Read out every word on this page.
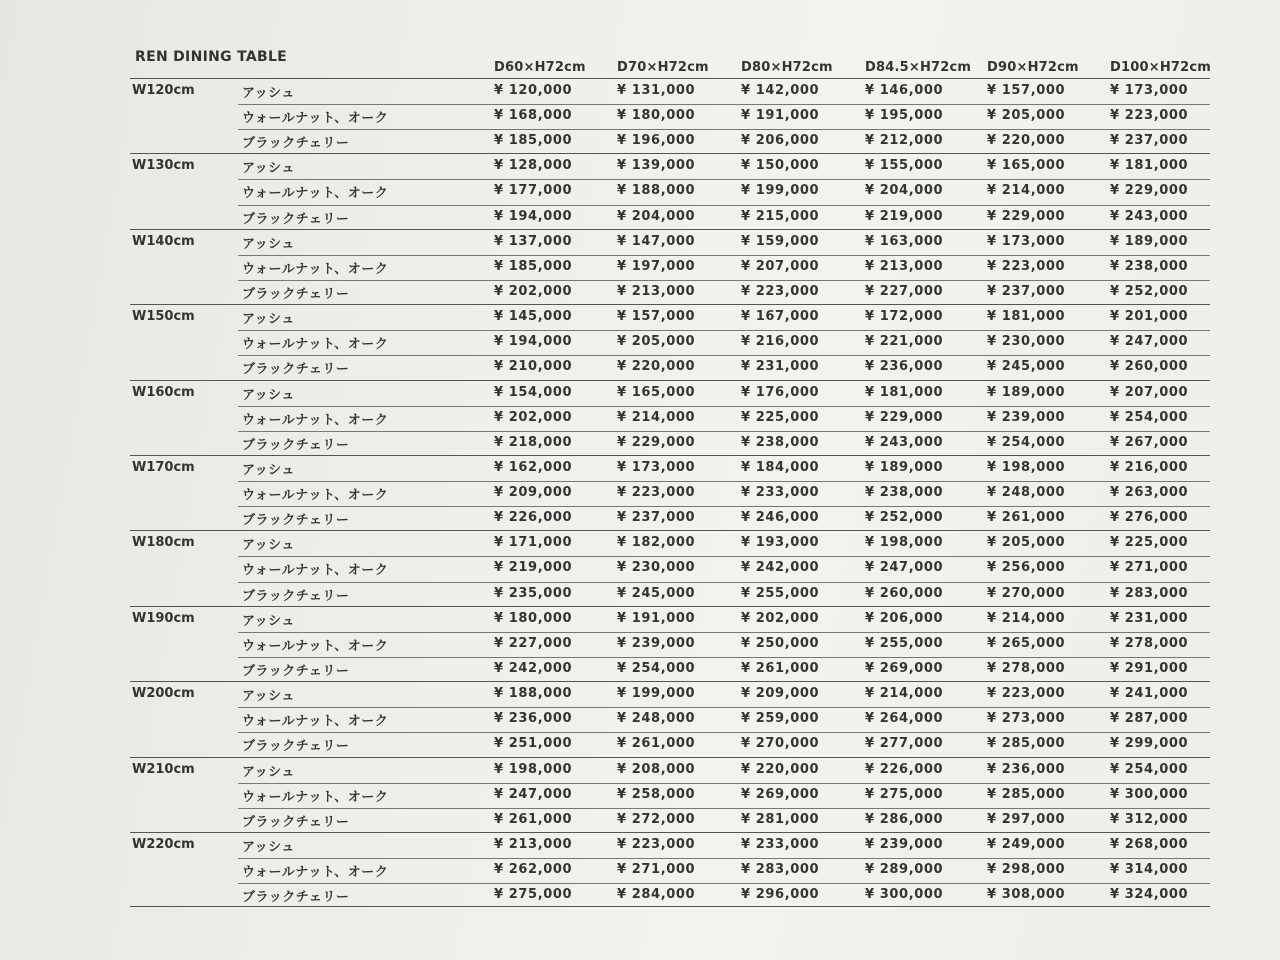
REN DINING TABLE
D60×H72cm D70×H72cm D80×H72cm D84.5×H72cm D90×H72cm D100×H72cm
W120cm	アッシュ	¥ 120,000	¥ 131,000	¥ 142,000	¥ 146,000	¥ 157,000	¥ 173,000
ウォールナット、オーク	¥ 168,000	¥ 180,000	¥ 191,000	¥ 195,000	¥ 205,000	¥ 223,000
ブラックチェリー	¥ 185,000	¥ 196,000	¥ 206,000	¥ 212,000	¥ 220,000	¥ 237,000
W130cm	アッシュ	¥ 128,000	¥ 139,000	¥ 150,000	¥ 155,000	¥ 165,000	¥ 181,000
ウォールナット、オーク	¥ 177,000	¥ 188,000	¥ 199,000	¥ 204,000	¥ 214,000	¥ 229,000
ブラックチェリー	¥ 194,000	¥ 204,000	¥ 215,000	¥ 219,000	¥ 229,000	¥ 243,000
W140cm	アッシュ	¥ 137,000	¥ 147,000	¥ 159,000	¥ 163,000	¥ 173,000	¥ 189,000
ウォールナット、オーク	¥ 185,000	¥ 197,000	¥ 207,000	¥ 213,000	¥ 223,000	¥ 238,000
ブラックチェリー	¥ 202,000	¥ 213,000	¥ 223,000	¥ 227,000	¥ 237,000	¥ 252,000
W150cm	アッシュ	¥ 145,000	¥ 157,000	¥ 167,000	¥ 172,000	¥ 181,000	¥ 201,000
ウォールナット、オーク	¥ 194,000	¥ 205,000	¥ 216,000	¥ 221,000	¥ 230,000	¥ 247,000
ブラックチェリー	¥ 210,000	¥ 220,000	¥ 231,000	¥ 236,000	¥ 245,000	¥ 260,000
W160cm	アッシュ	¥ 154,000	¥ 165,000	¥ 176,000	¥ 181,000	¥ 189,000	¥ 207,000
ウォールナット、オーク	¥ 202,000	¥ 214,000	¥ 225,000	¥ 229,000	¥ 239,000	¥ 254,000
ブラックチェリー	¥ 218,000	¥ 229,000	¥ 238,000	¥ 243,000	¥ 254,000	¥ 267,000
W170cm	アッシュ	¥ 162,000	¥ 173,000	¥ 184,000	¥ 189,000	¥ 198,000	¥ 216,000
ウォールナット、オーク	¥ 209,000	¥ 223,000	¥ 233,000	¥ 238,000	¥ 248,000	¥ 263,000
ブラックチェリー	¥ 226,000	¥ 237,000	¥ 246,000	¥ 252,000	¥ 261,000	¥ 276,000
W180cm	アッシュ	¥ 171,000	¥ 182,000	¥ 193,000	¥ 198,000	¥ 205,000	¥ 225,000
ウォールナット、オーク	¥ 219,000	¥ 230,000	¥ 242,000	¥ 247,000	¥ 256,000	¥ 271,000
ブラックチェリー	¥ 235,000	¥ 245,000	¥ 255,000	¥ 260,000	¥ 270,000	¥ 283,000
W190cm	アッシュ	¥ 180,000	¥ 191,000	¥ 202,000	¥ 206,000	¥ 214,000	¥ 231,000
ウォールナット、オーク	¥ 227,000	¥ 239,000	¥ 250,000	¥ 255,000	¥ 265,000	¥ 278,000
ブラックチェリー	¥ 242,000	¥ 254,000	¥ 261,000	¥ 269,000	¥ 278,000	¥ 291,000
W200cm	アッシュ	¥ 188,000	¥ 199,000	¥ 209,000	¥ 214,000	¥ 223,000	¥ 241,000
ウォールナット、オーク	¥ 236,000	¥ 248,000	¥ 259,000	¥ 264,000	¥ 273,000	¥ 287,000
ブラックチェリー	¥ 251,000	¥ 261,000	¥ 270,000	¥ 277,000	¥ 285,000	¥ 299,000
W210cm	アッシュ	¥ 198,000	¥ 208,000	¥ 220,000	¥ 226,000	¥ 236,000	¥ 254,000
ウォールナット、オーク	¥ 247,000	¥ 258,000	¥ 269,000	¥ 275,000	¥ 285,000	¥ 300,000
ブラックチェリー	¥ 261,000	¥ 272,000	¥ 281,000	¥ 286,000	¥ 297,000	¥ 312,000
W220cm	アッシュ	¥ 213,000	¥ 223,000	¥ 233,000	¥ 239,000	¥ 249,000	¥ 268,000
ウォールナット、オーク	¥ 262,000	¥ 271,000	¥ 283,000	¥ 289,000	¥ 298,000	¥ 314,000
ブラックチェリー	¥ 275,000	¥ 284,000	¥ 296,000	¥ 300,000	¥ 308,000	¥ 324,000
